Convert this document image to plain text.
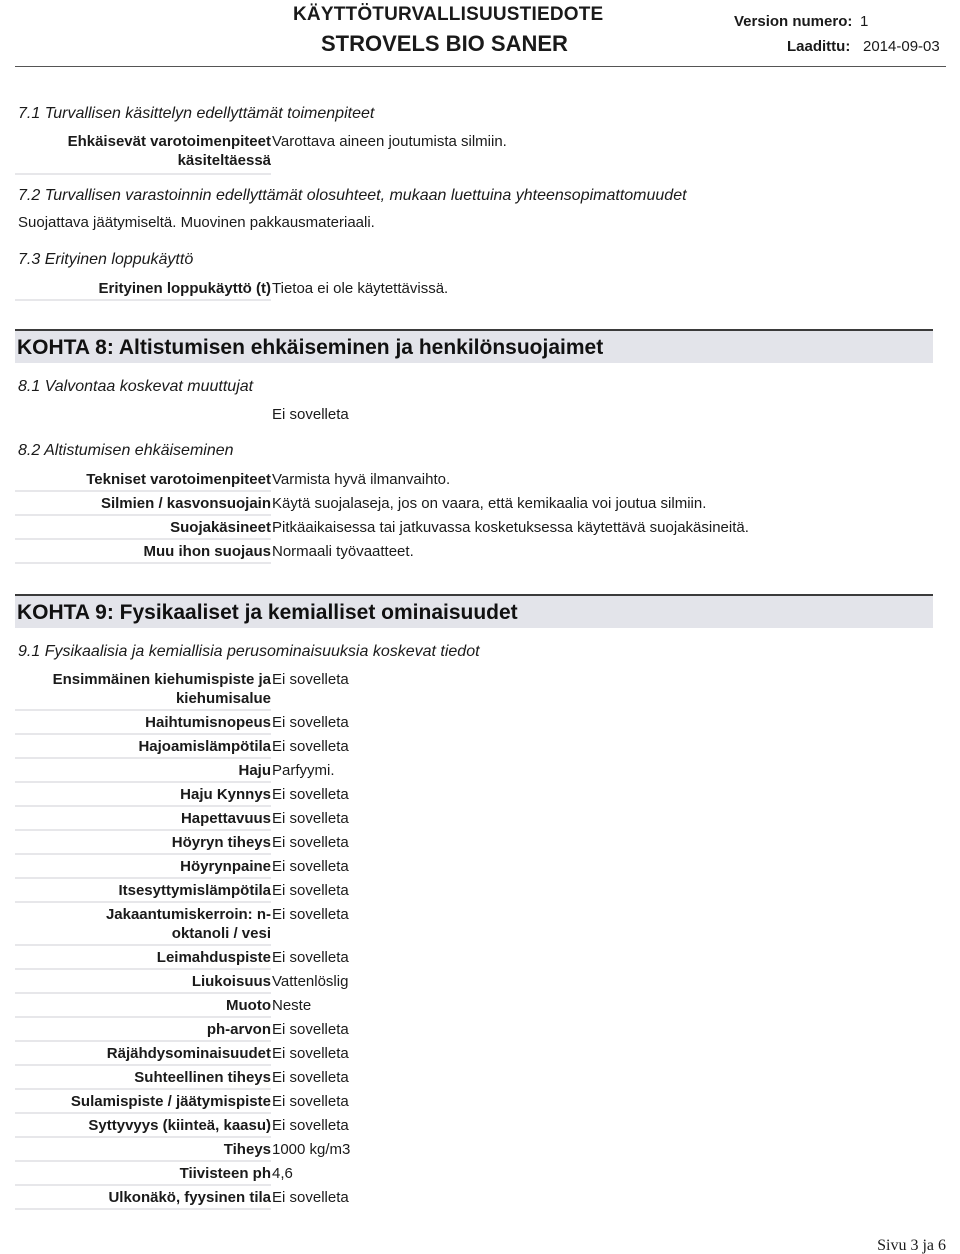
KÄYTTÖTURVALLISUUSTIEDOTE
STROVELS BIO SANER
Version numero: 1
Laadittu: 2014-09-03
7.1 Turvallisen käsittelyn edellyttämät toimenpiteet
Ehkäisevät varotoimenpiteet
käsiteltäessä
Varottava aineen joutumista silmiin.
7.2 Turvallisen varastoinnin edellyttämät olosuhteet, mukaan luettuina yhteensopimattomuudet
Suojattava jäätymiseltä. Muovinen pakkausmateriaali.
7.3 Erityinen loppukäyttö
Erityinen loppukäyttö (t) Tietoa ei ole käytettävissä.
KOHTA 8: Altistumisen ehkäiseminen ja henkilönsuojaimet
8.1 Valvontaa koskevat muuttujat
Ei sovelleta
8.2 Altistumisen ehkäiseminen
Tekniset varotoimenpiteet Varmista hyvä ilmanvaihto.
Silmien / kasvonsuojain Käytä suojalaseja, jos on vaara, että kemikaalia voi joutua silmiin.
Suojakäsineet Pitkäaikaisessa tai jatkuvassa kosketuksessa käytettävä suojakäsineitä.
Muu ihon suojaus Normaali työvaatteet.
KOHTA 9: Fysikaaliset ja kemialliset ominaisuudet
9.1 Fysikaalisia ja kemiallisia perusominaisuuksia koskevat tiedot
Ensimmäinen kiehumispiste ja
kiehumisalue
Ei sovelleta
Haihtumisnopeus Ei sovelleta
Hajoamislämpötila Ei sovelleta
Haju Parfyymi.
Haju Kynnys Ei sovelleta
Hapettavuus Ei sovelleta
Höyryn tiheys Ei sovelleta
Höyrynpaine Ei sovelleta
Itsesyttymislämpötila Ei sovelleta
Jakaantumiskerroin: n-
oktanoli / vesi
Ei sovelleta
Leimahduspiste Ei sovelleta
Liukoisuus Vattenlöslig
Muoto Neste
ph-arvon Ei sovelleta
Räjähdysominaisuudet Ei sovelleta
Suhteellinen tiheys Ei sovelleta
Sulamispiste / jäätymispiste Ei sovelleta
Syttyvyys (kiinteä, kaasu) Ei sovelleta
Tiheys 1000 kg/m3
Tiivisteen ph 4,6
Ulkonäkö, fyysinen tila Ei sovelleta
Sivu 3 ja 6
